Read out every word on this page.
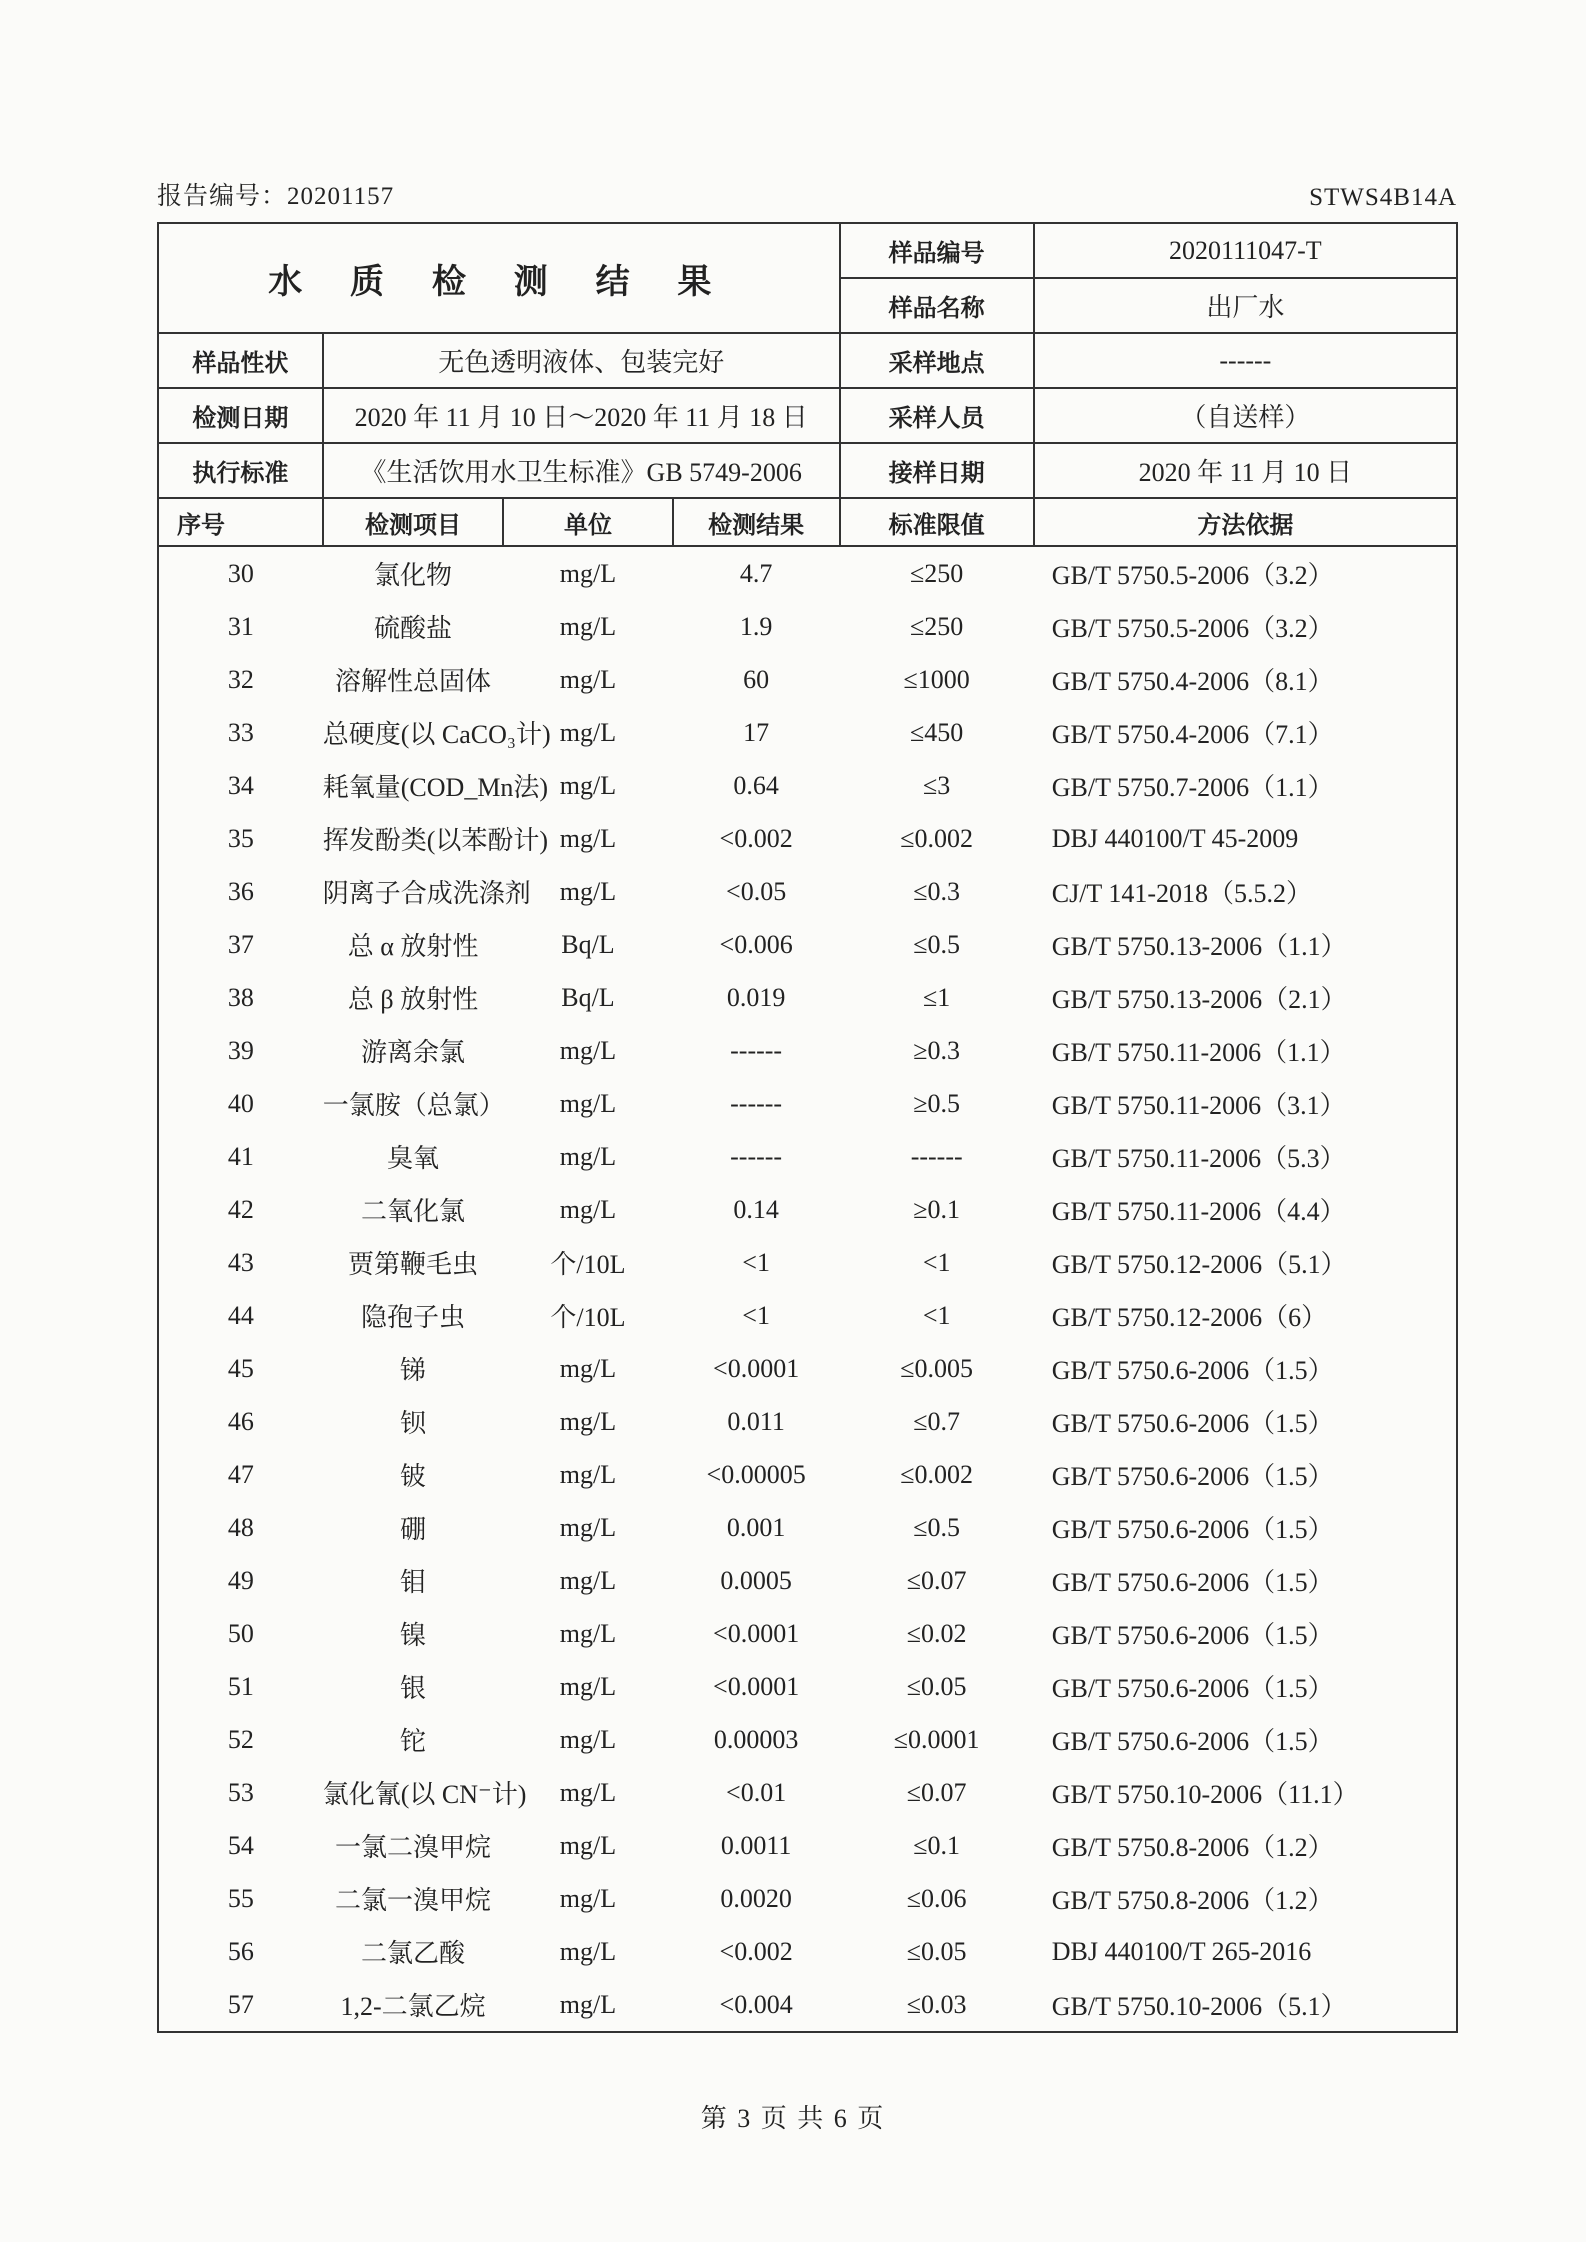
报告编号：20201157	STWS4B14A
水 质 检 测 结 果				样品编号	2020111047-T
				样品名称	出厂水
样品性状	无色透明液体、包装完好			采样地点	------
检测日期	2020 年 11 月 10 日～2020 年 11 月 18 日			采样人员	（自送样）
执行标准	《生活饮用水卫生标准》GB 5749-2006			接样日期	2020 年 11 月 10 日
序号	检测项目	单位	检测结果	标准限值	方法依据
30	氯化物	mg/L	4.7	≤250	GB/T 5750.5-2006（3.2）
31	硫酸盐	mg/L	1.9	≤250	GB/T 5750.5-2006（3.2）
32	溶解性总固体	mg/L	60	≤1000	GB/T 5750.4-2006（8.1）
33	总硬度(以 CaCO₃计)	mg/L	17	≤450	GB/T 5750.4-2006（7.1）
34	耗氧量(COD_Mn法)	mg/L	0.64	≤3	GB/T 5750.7-2006（1.1）
35	挥发酚类(以苯酚计)	mg/L	<0.002	≤0.002	DBJ 440100/T 45-2009
36	阴离子合成洗涤剂	mg/L	<0.05	≤0.3	CJ/T 141-2018（5.5.2）
37	总 α 放射性	Bq/L	<0.006	≤0.5	GB/T 5750.13-2006（1.1）
38	总 β 放射性	Bq/L	0.019	≤1	GB/T 5750.13-2006（2.1）
39	游离余氯	mg/L	------	≥0.3	GB/T 5750.11-2006（1.1）
40	一氯胺（总氯）	mg/L	------	≥0.5	GB/T 5750.11-2006（3.1）
41	臭氧	mg/L	------	------	GB/T 5750.11-2006（5.3）
42	二氧化氯	mg/L	0.14	≥0.1	GB/T 5750.11-2006（4.4）
43	贾第鞭毛虫	个/10L	<1	<1	GB/T 5750.12-2006（5.1）
44	隐孢子虫	个/10L	<1	<1	GB/T 5750.12-2006（6）
45	锑	mg/L	<0.0001	≤0.005	GB/T 5750.6-2006（1.5）
46	钡	mg/L	0.011	≤0.7	GB/T 5750.6-2006（1.5）
47	铍	mg/L	<0.00005	≤0.002	GB/T 5750.6-2006（1.5）
48	硼	mg/L	0.001	≤0.5	GB/T 5750.6-2006（1.5）
49	钼	mg/L	0.0005	≤0.07	GB/T 5750.6-2006（1.5）
50	镍	mg/L	<0.0001	≤0.02	GB/T 5750.6-2006（1.5）
51	银	mg/L	<0.0001	≤0.05	GB/T 5750.6-2006（1.5）
52	铊	mg/L	0.00003	≤0.0001	GB/T 5750.6-2006（1.5）
53	氯化氰(以 CN⁻计)	mg/L	<0.01	≤0.07	GB/T 5750.10-2006（11.1）
54	一氯二溴甲烷	mg/L	0.0011	≤0.1	GB/T 5750.8-2006（1.2）
55	二氯一溴甲烷	mg/L	0.0020	≤0.06	GB/T 5750.8-2006（1.2）
56	二氯乙酸	mg/L	<0.002	≤0.05	DBJ 440100/T 265-2016
57	1,2-二氯乙烷	mg/L	<0.004	≤0.03	GB/T 5750.10-2006（5.1）
第 3 页 共 6 页
